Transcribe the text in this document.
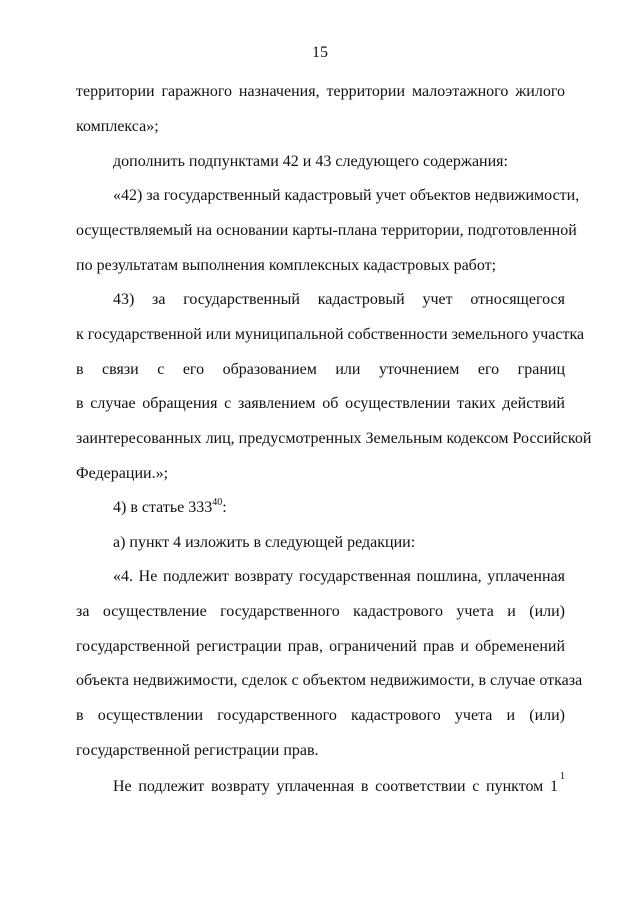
15
территории гаражного назначения, территории малоэтажного жилого
комплекса»;
дополнить подпунктами 42 и 43 следующего содержания:
«42) за государственный кадастровый учет объектов недвижимости,
осуществляемый на основании карты-плана территории, подготовленной
по результатам выполнения комплексных кадастровых работ;
43) за государственный кадастровый учет относящегося
к государственной или муниципальной собственности земельного участка
в связи с его образованием или уточнением его границ
в случае обращения с заявлением об осуществлении таких действий
заинтересованных лиц, предусмотренных Земельным кодексом Российской
Федерации.»;
4) в статье $333^{40}$:
а) пункт 4 изложить в следующей редакции:
«4. Не подлежит возврату государственная пошлина, уплаченная
за осуществление государственного кадастрового учета и (или)
государственной регистрации прав, ограничений прав и обременений
объекта недвижимости, сделок с объектом недвижимости, в случае отказа
в осуществлении государственного кадастрового учета и (или)
государственной регистрации прав.
Не подлежит возврату уплаченная в соответствии с пунктом 1
1
